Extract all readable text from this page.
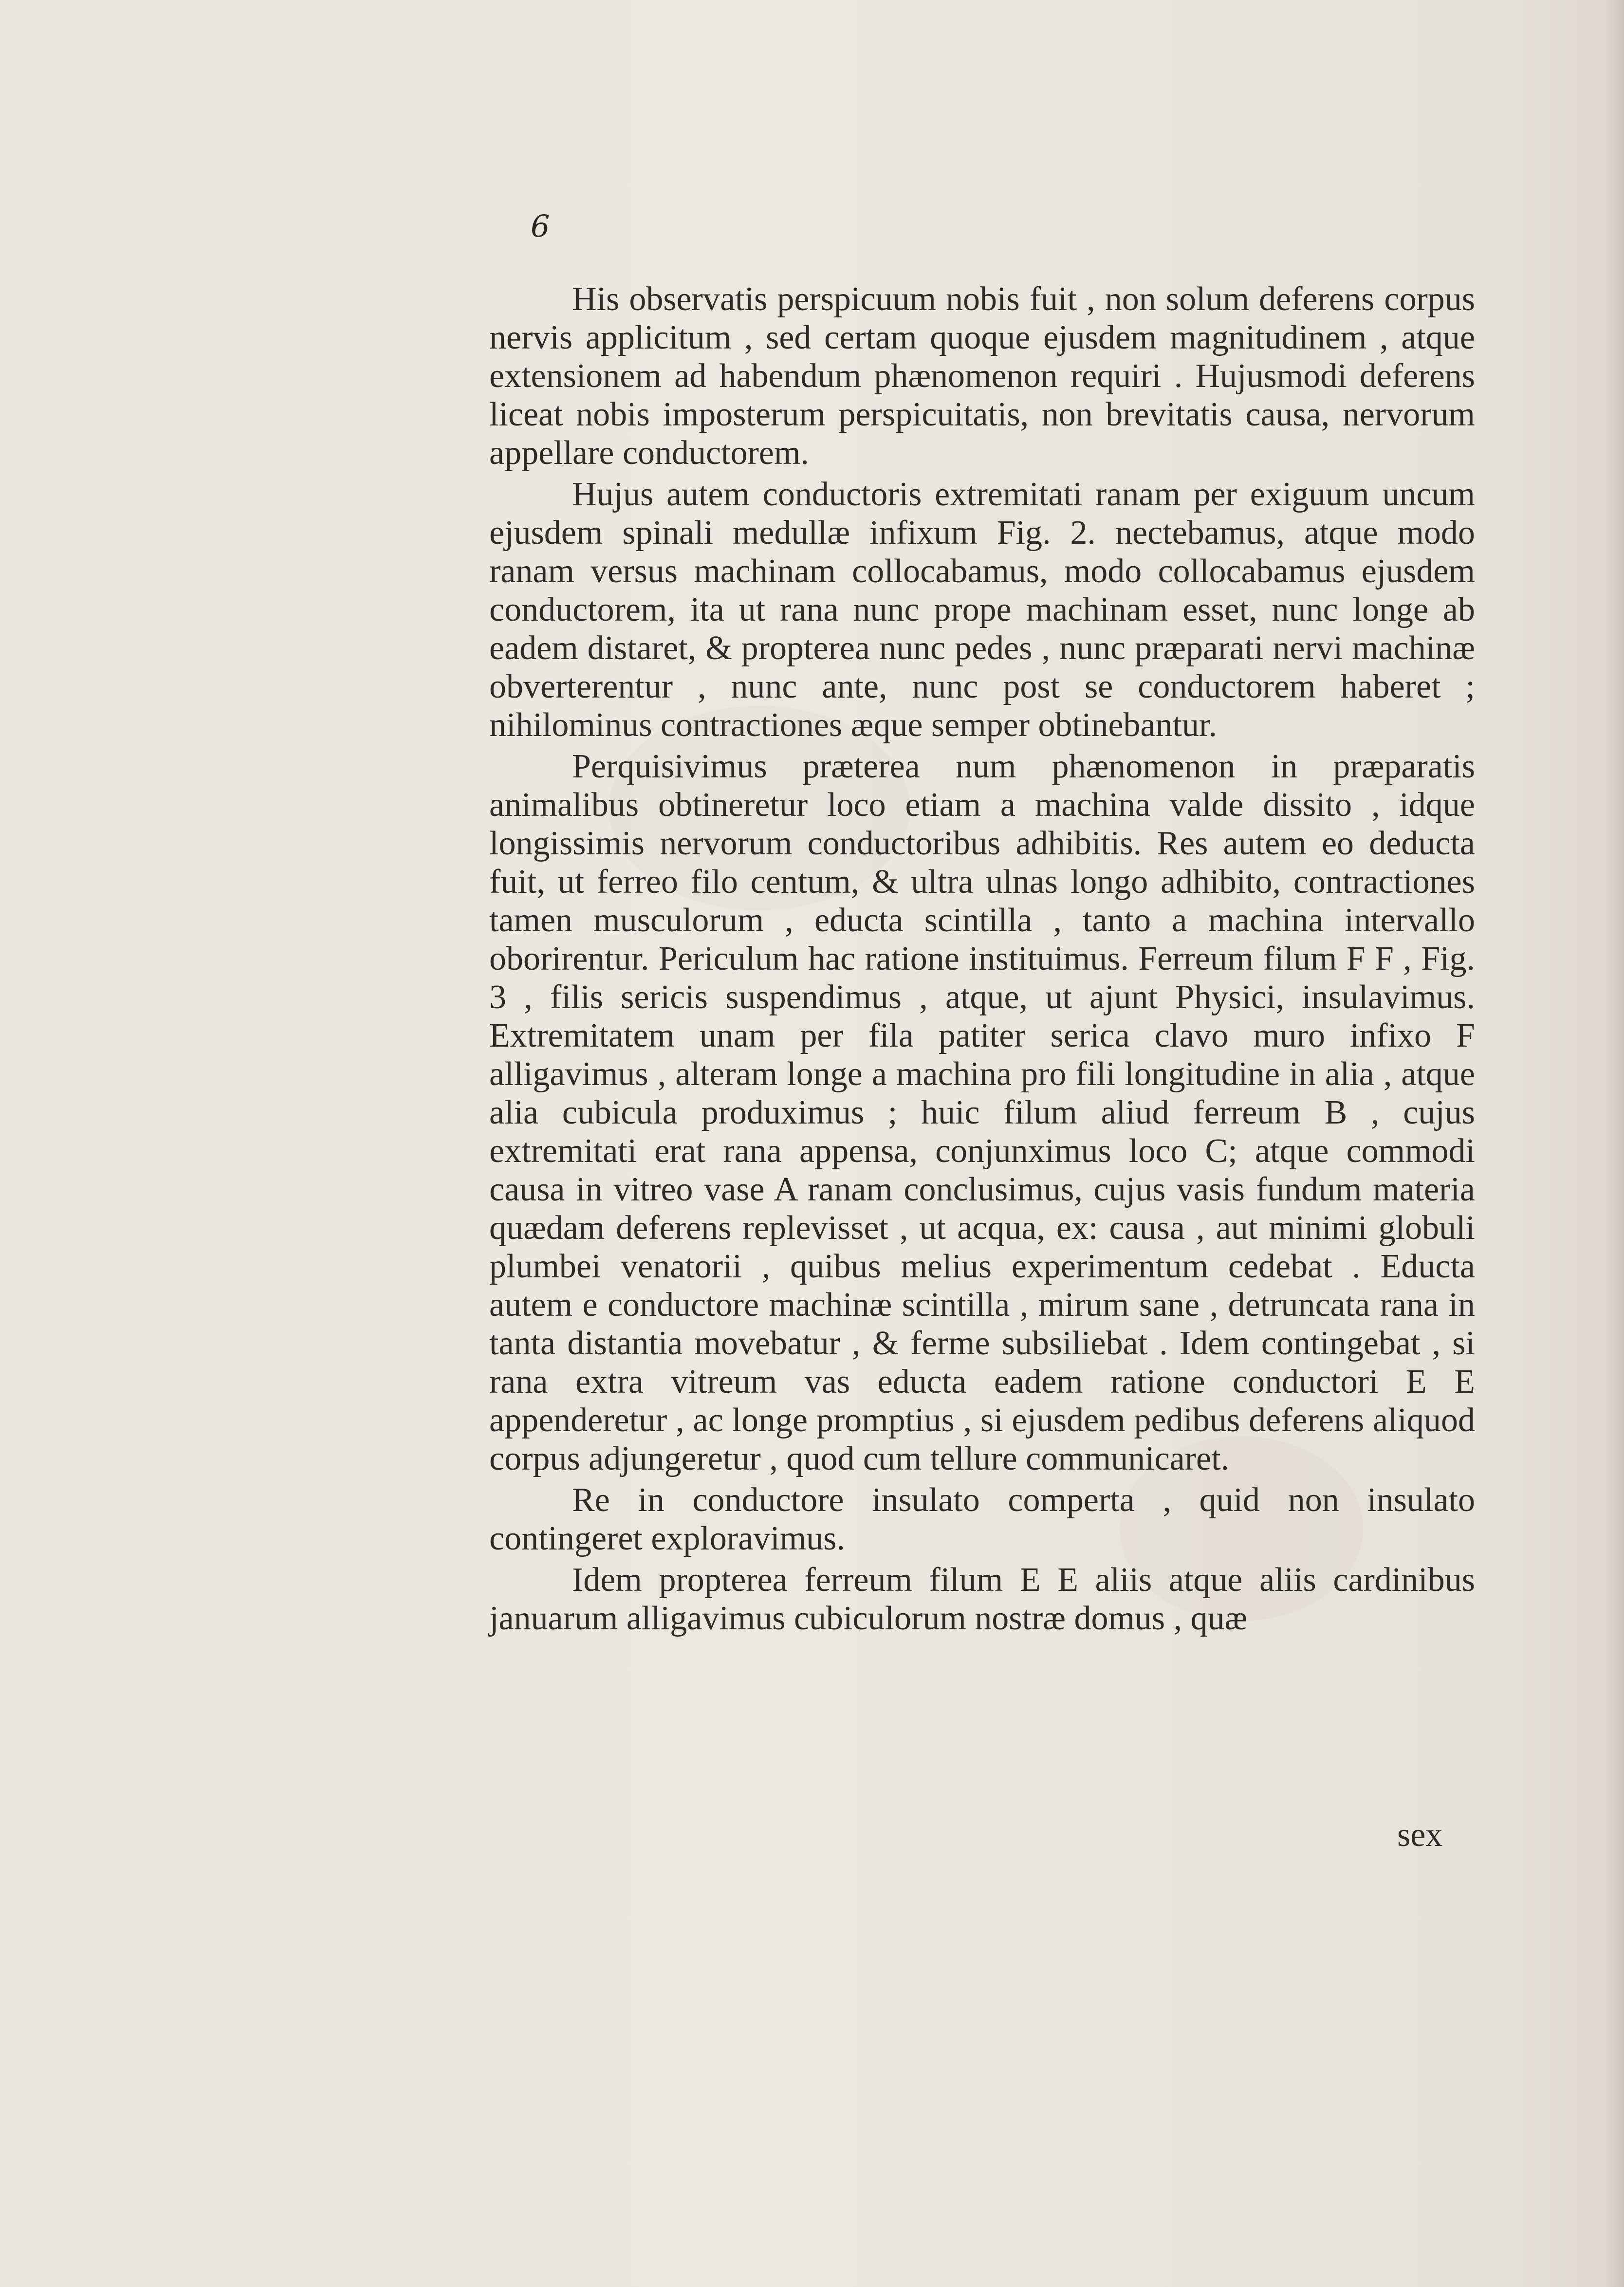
6

His observatis perspicuum nobis fuit , non solum deferens corpus nervis applicitum , sed certam quoque ejusdem magnitudinem , atque extensionem ad habendum phænomenon requiri . Hujusmodi deferens liceat nobis imposterum perspicuitatis, non brevitatis causa, nervorum appellare conductorem.

Hujus autem conductoris extremitati ranam per exiguum uncum ejusdem spinali medullæ infixum Fig. 2. nectebamus, atque modo ranam versus machinam collocabamus, modo collocabamus ejusdem conductorem, ita ut rana nunc prope machinam esset, nunc longe ab eadem distaret, & propterea nunc pedes , nunc præparati nervi machinæ obverterentur , nunc ante, nunc post se conductorem haberet ; nihilominus contractiones æque semper obtinebantur.

Perquisivimus præterea num phænomenon in præparatis animalibus obtineretur loco etiam a machina valde dissito , idque longissimis nervorum conductoribus adhibitis. Res autem eo deducta fuit, ut ferreo filo centum, & ultra ulnas longo adhibito, contractiones tamen musculorum , educta scintilla , tanto a machina intervallo oborirentur. Periculum hac ratione instituimus. Ferreum filum F F , Fig. 3 , filis sericis suspendimus , atque, ut ajunt Physici, insulavimus. Extremitatem unam per fila patiter serica clavo muro infixo F alligavimus , alteram longe a machina pro fili longitudine in alia , atque alia cubicula produximus ; huic filum aliud ferreum B , cujus extremitati erat rana appensa, conjunximus loco C; atque commodi causa in vitreo vase A ranam conclusimus, cujus vasis fundum materia quædam deferens replevisset , ut acqua, ex: causa , aut minimi globuli plumbei venatorii , quibus melius experimentum cedebat . Educta autem e conductore machinæ scintilla , mirum sane , detruncata rana in tanta distantia movebatur , & ferme subsiliebat . Idem contingebat , si rana extra vitreum vas educta eadem ratione conductori E E appenderetur , ac longe promptius , si ejusdem pedibus deferens aliquod corpus adjungeretur , quod cum tellure communicaret.

Re in conductore insulato comperta , quid non insulato contingeret exploravimus.

Idem propterea ferreum filum E E aliis atque aliis cardinibus januarum alligavimus cubiculorum nostræ domus , quæ

sex
